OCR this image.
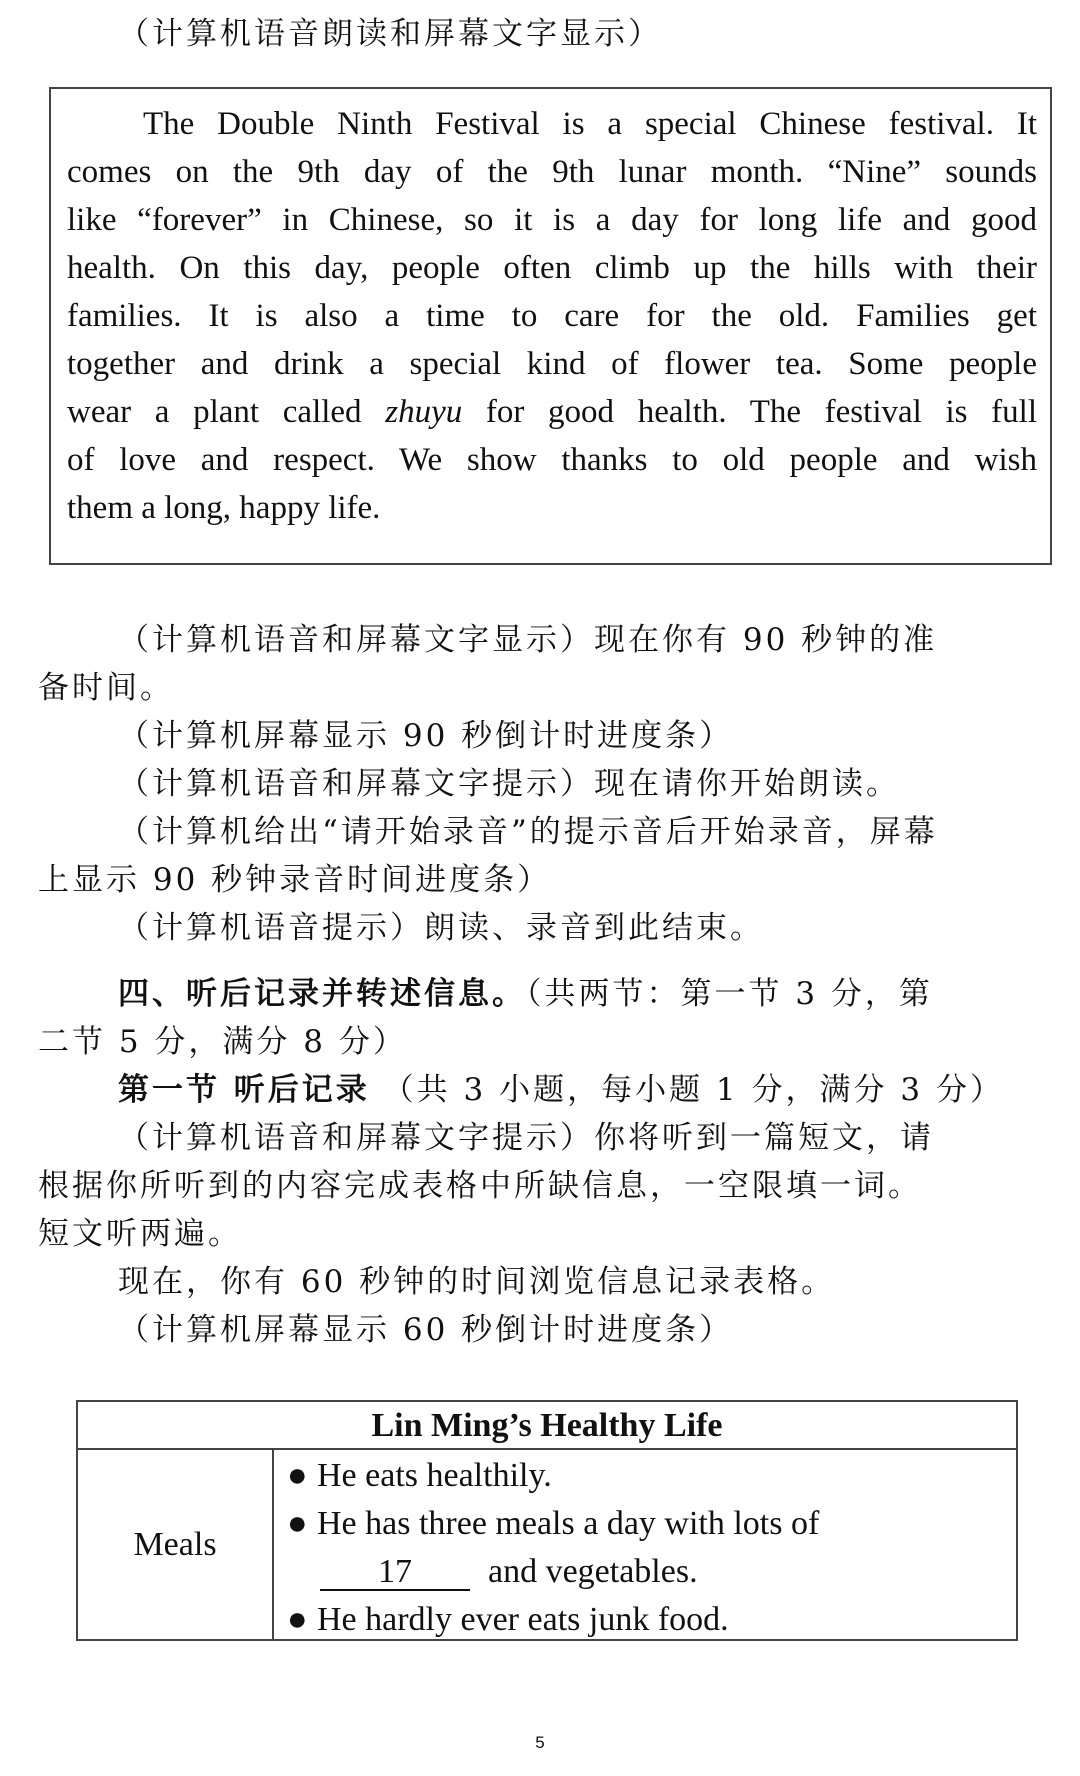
（计算机语音朗读和屏幕文字显示）
The Double Ninth Festival is a special Chinese festival. It
comes on the 9th day of the 9th lunar month. “Nine” sounds
like “forever” in Chinese, so it is a day for long life and good
health. On this day, people often climb up the hills with their
families. It is also a time to care for the old. Families get
together and drink a special kind of flower tea. Some people
wear a plant called zhuyu for good health. The festival is full
of love and respect. We show thanks to old people and wish
them a long, happy life.
（计算机语音和屏幕文字显示）现在你有 90 秒钟的准
备时间。
（计算机屏幕显示 90 秒倒计时进度条）
（计算机语音和屏幕文字提示）现在请你开始朗读。
（计算机给出“请开始录音”的提示音后开始录音，屏幕
上显示 90 秒钟录音时间进度条）
（计算机语音提示）朗读、录音到此结束。
四、听后记录并转述信息。（共两节：第一节 3 分，第
二节 5 分，满分 8 分）
第一节 听后记录 （共 3 小题，每小题 1 分，满分 3 分）
（计算机语音和屏幕文字提示）你将听到一篇短文，请
根据你所听到的内容完成表格中所缺信息，一空限填一词。
短文听两遍。
现在，你有 60 秒钟的时间浏览信息记录表格。
（计算机屏幕显示 60 秒倒计时进度条）
Lin Ming’s Healthy Life
Meals
● He eats healthily.
● He has three meals a day with lots of
17 and vegetables.
● He hardly ever eats junk food.
5
